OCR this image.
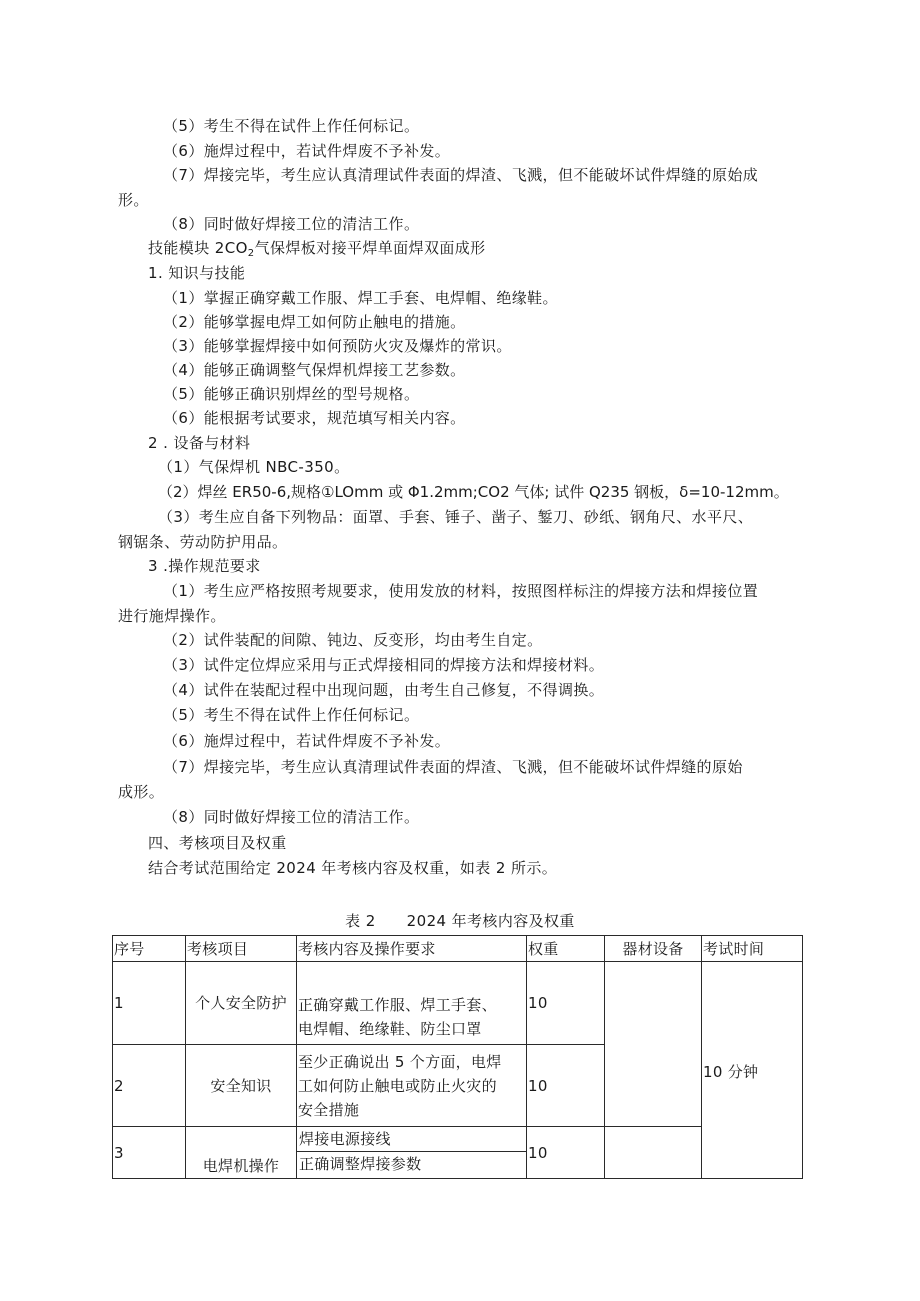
（5）考生不得在试件上作任何标记。
（6）施焊过程中，若试件焊废不予补发。
（7）焊接完毕，考生应认真清理试件表面的焊渣、飞溅，但不能破坏试件焊缝的原始成
形。
（8）同时做好焊接工位的清洁工作。
技能模块 $2CO_2$气保焊板对接平焊单面焊双面成形
1. 知识与技能
（1）掌握正确穿戴工作服、焊工手套、电焊帽、绝缘鞋。
（2）能够掌握电焊工如何防止触电的措施。
（3）能够掌握焊接中如何预防火灾及爆炸的常识。
（4）能够正确调整气保焊机焊接工艺参数。
（5）能够正确识别焊丝的型号规格。
（6）能根据考试要求，规范填写相关内容。
2 . 设备与材料
（1）气保焊机 NBC-350。
（2）焊丝 ER50-6,规格①LOmm 或 Φ1.2mm;CO2 气体; 试件 Q235 钢板，δ=10-12mm。
（3）考生应自备下列物品：面罩、手套、锤子、凿子、錾刀、砂纸、钢角尺、水平尺、
钢锯条、劳动防护用品。
3 .操作规范要求
（1）考生应严格按照考规要求，使用发放的材料，按照图样标注的焊接方法和焊接位置
进行施焊操作。
（2）试件装配的间隙、钝边、反变形，均由考生自定。
（3）试件定位焊应采用与正式焊接相同的焊接方法和焊接材料。
（4）试件在装配过程中出现问题，由考生自己修复，不得调换。
（5）考生不得在试件上作任何标记。
（6）施焊过程中，若试件焊废不予补发。
（7）焊接完毕，考生应认真清理试件表面的焊渣、飞溅，但不能破坏试件焊缝的原始
成形。
（8）同时做好焊接工位的清洁工作。
四、考核项目及权重
结合考试范围给定 2024 年考核内容及权重，如表 2 所示。
表 2      2024 年考核内容及权重
序号	考核项目	考核内容及操作要求	权重	器材设备	考试时间
1	个人安全防护	正确穿戴工作服、焊工手套、
电焊帽、绝缘鞋、防尘口罩	10		10 分钟
2	安全知识	至少正确说出 5 个方面，电焊
工如何防止触电或防止火灾的
安全措施	10		
3	电焊机操作	焊接电源接线
正确调整焊接参数	10		
